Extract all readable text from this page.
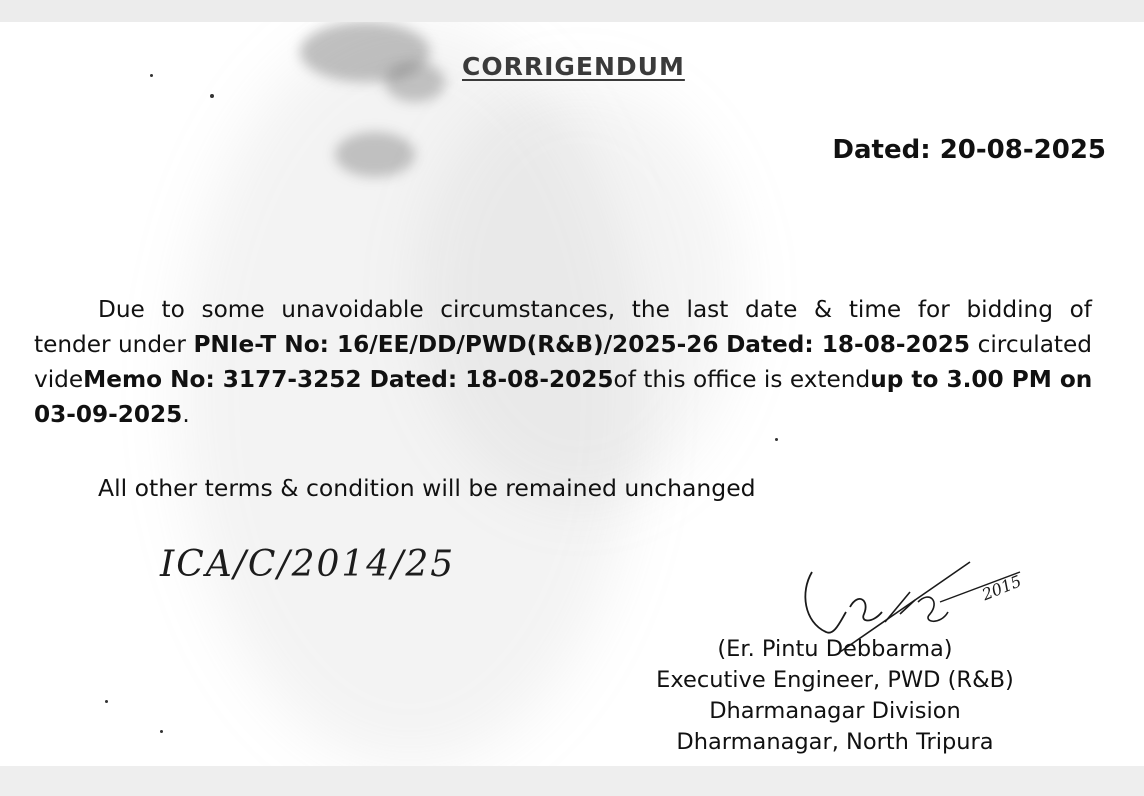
CORRIGENDUM
Dated: 20-08-2025
Due to some unavoidable circumstances, the last date & time for bidding of
tender under PNIe-T No: 16/EE/DD/PWD(R&B)/2025-26 Dated: 18-08-2025 circulated
vide Memo No: 3177-3252 Dated: 18-08-2025 of this office is extend up to 3.00 PM on
03-09-2025 .
All other terms & condition will be remained unchanged
ICA/C/2014/25
2015
(Er. Pintu Debbarma)
Executive Engineer, PWD (R&B)
Dharmanagar Division
Dharmanagar, North Tripura
